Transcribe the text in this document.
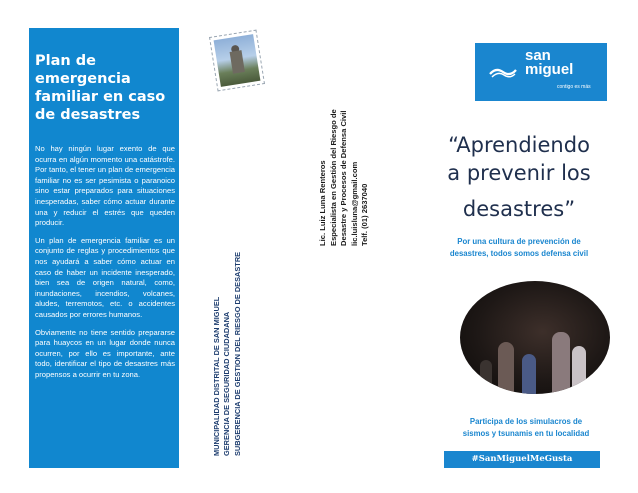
Plan de emergencia familiar en caso de desastres

No hay ningún lugar exento de que ocurra en algún momento una catástrofe. Por tanto, el tener un plan de emergencia familiar no es ser pesimista o paranoico sino estar preparados para situaciones inesperadas, saber cómo actuar durante una y reducir el estrés que queden producir.

Un plan de emergencia familiar es un conjunto de reglas y procedimientos que nos ayudará a saber cómo actuar en caso de haber un incidente inesperado, bien sea de origen natural, como, inundaciones, incendios, volcanes, aludes, terremotos, etc. o accidentes causados por errores humanos.

Obviamente no tiene sentido prepararse para huaycos en un lugar donde nunca ocurren, por ello es importante, ante todo, identificar el tipo de desastres más propensos a ocurrir en tu zona.	MUNICIPALIDAD DISTRITAL DE SAN MIGUEL GERENCIA DE SEGURIDAD CIUDADANA SUBGERENCIA DE GESTION DEL RIESGO DE DESASTRE
Lic. Luiz Luna Renteros Especialista en Gestión del Riesgo de Desastre y Procesos de Defensa Civil lic.luisluna@gmail.com Telf. (01) 2637040
san
miguel
contigo es más
“Aprendiendo
a prevenir los
desastres”
Por una cultura de prevención de
desastres, todos somos defensa civil
Participa de los simulacros de
sismos y tsunamis en tu localidad
#SanMiguelMeGusta
